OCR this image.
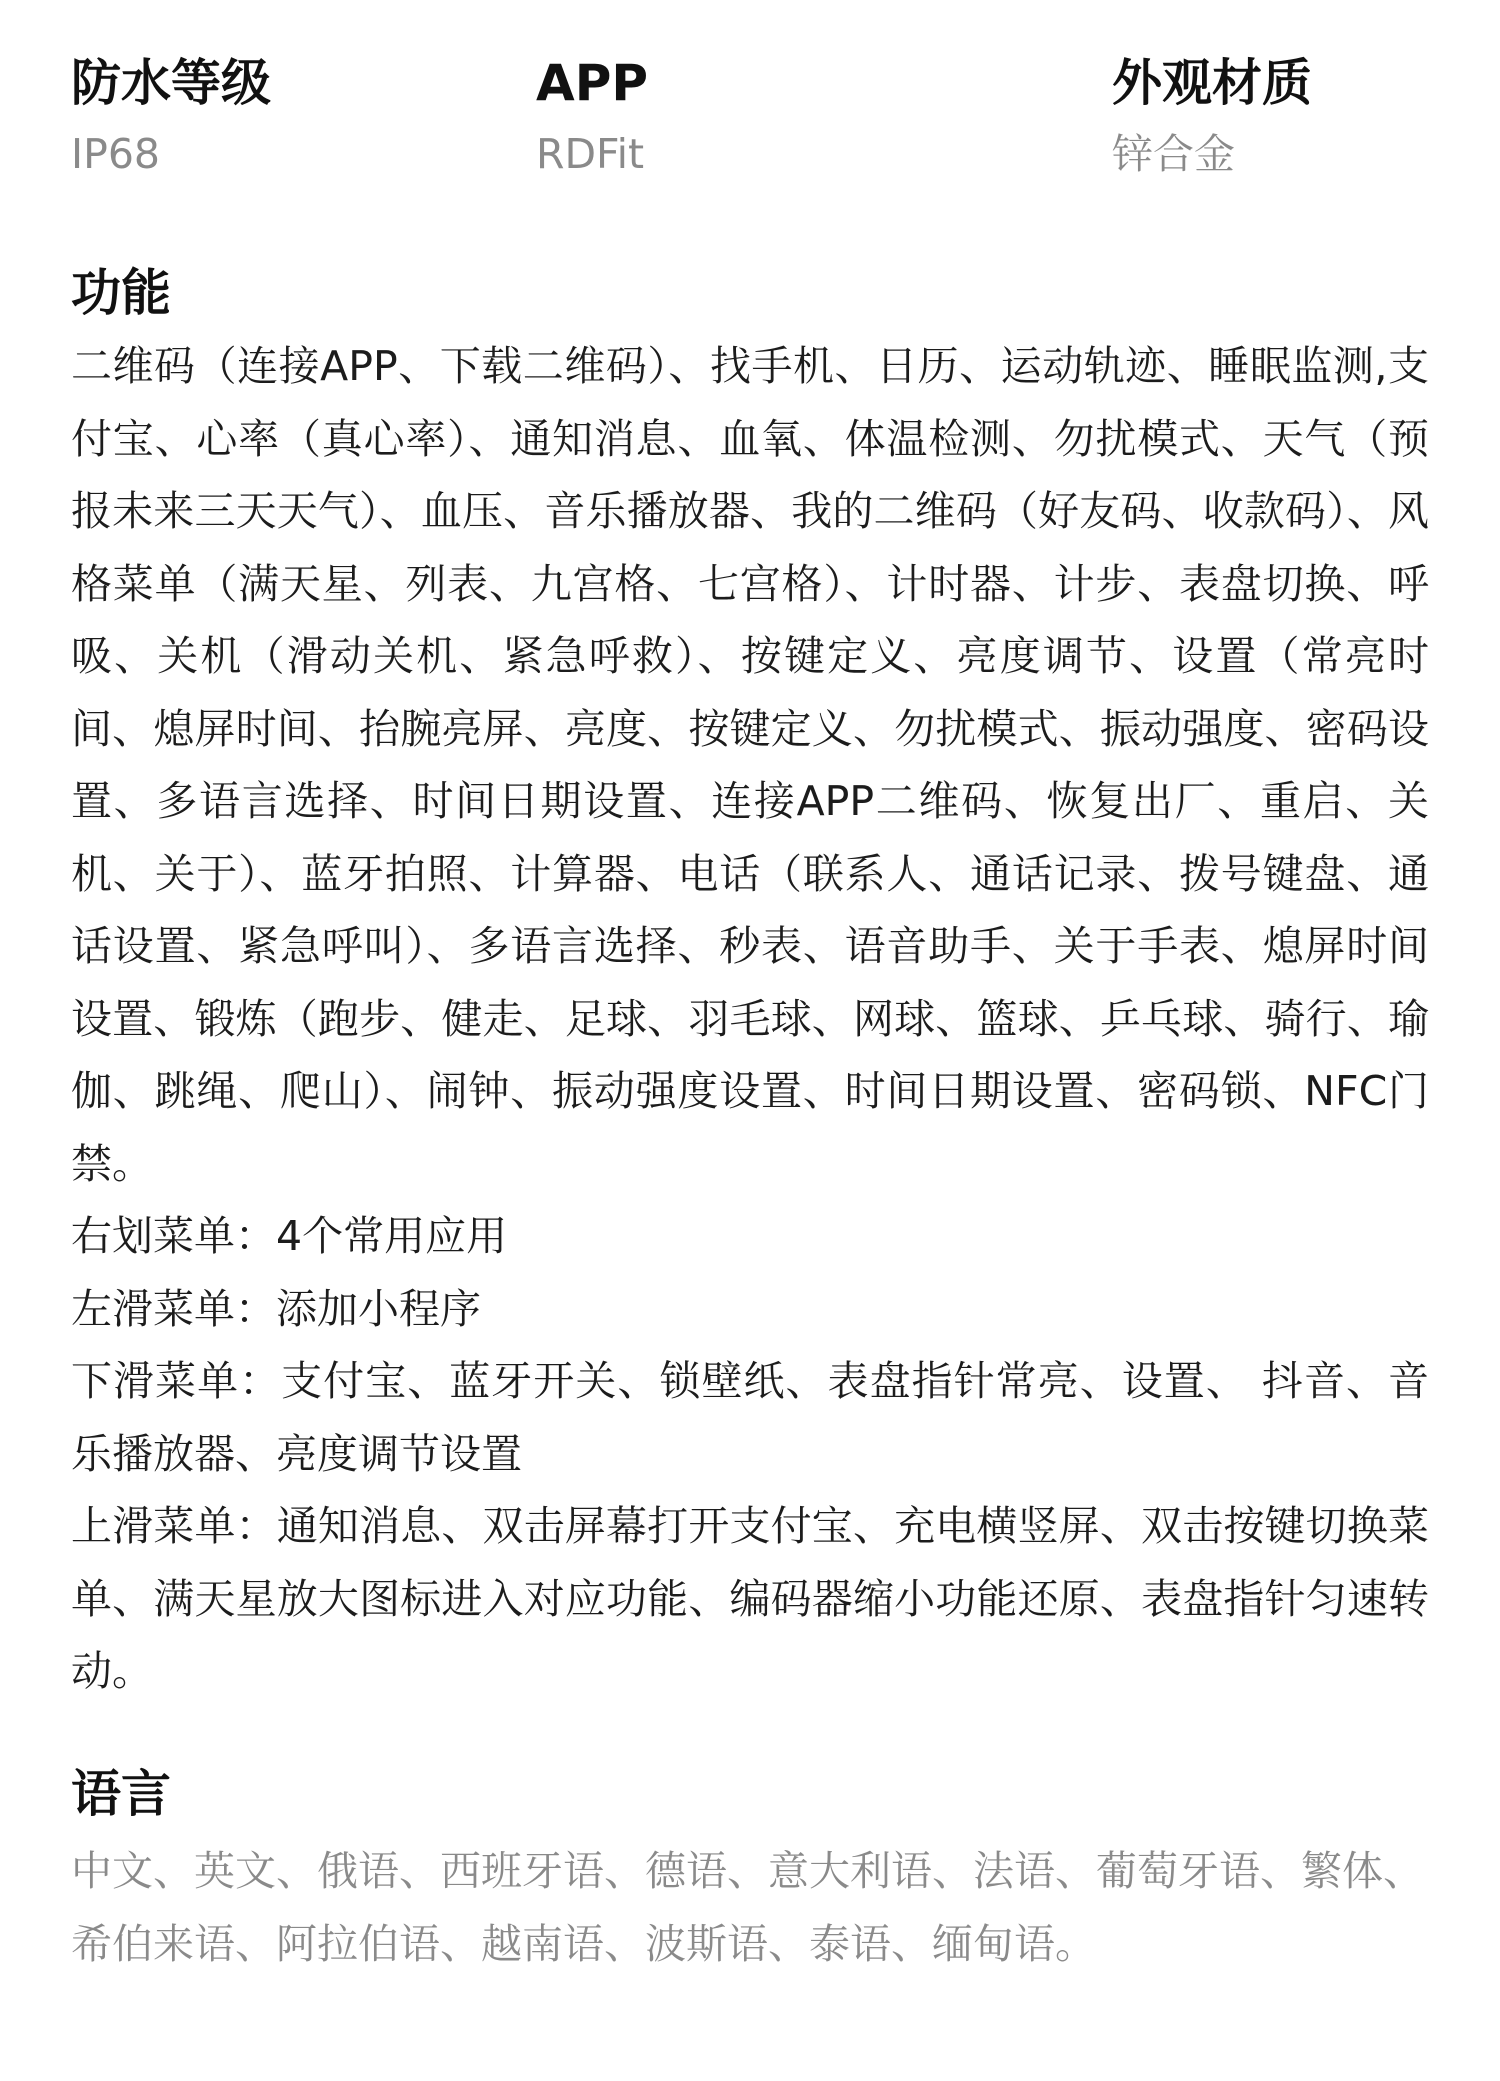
防水等级
IP68
APP
RDFit
外观材质
锌合金
功能

二维码（连接APP、下载二维码）、找手机、日历、运动轨迹、睡眠监测,支付宝、心率（真心率）、通知消息、血氧、体温检测、勿扰模式、天气（预报未来三天天气）、血压、音乐播放器、我的二维码（好友码、收款码）、风格菜单（满天星、列表、九宫格、七宫格）、计时器、计步、表盘切换、呼吸、关机（滑动关机、紧急呼救）、按键定义、亮度调节、设置（常亮时间、熄屏时间、抬腕亮屏、亮度、按键定义、勿扰模式、振动强度、密码设置、多语言选择、时间日期设置、连接APP二维码、恢复出厂、重启、关机、关于）、蓝牙拍照、计算器、电话（联系人、通话记录、拨号键盘、通话设置、紧急呼叫）、多语言选择、秒表、语音助手、关于手表、熄屏时间设置、锻炼（跑步、健走、足球、羽毛球、网球、篮球、乒乓球、骑行、瑜伽、跳绳、爬山）、闹钟、振动强度设置、时间日期设置、密码锁、NFC门禁。

右划菜单：4个常用应用

左滑菜单：添加小程序

下滑菜单：支付宝、蓝牙开关、锁壁纸、表盘指针常亮、设置、 抖音、音乐播放器、亮度调节设置

上滑菜单：通知消息、双击屏幕打开支付宝、充电横竖屏、双击按键切换菜单、满天星放大图标进入对应功能、编码器缩小功能还原、表盘指针匀速转动。

语言

中文、英文、俄语、西班牙语、德语、意大利语、法语、葡萄牙语、繁体、希伯来语、阿拉伯语、越南语、波斯语、泰语、缅甸语。
